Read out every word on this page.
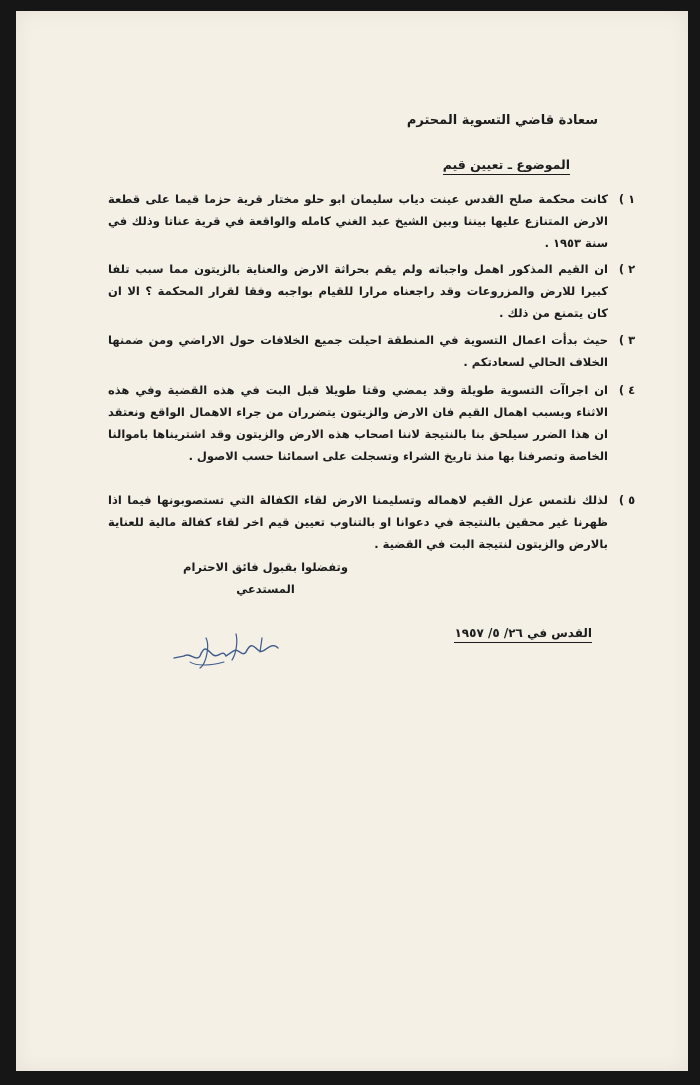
سعادة قاضي التسوية المحترم
الموضوع ـ تعيين قيم
١ )
كانت محكمة صلح القدس عينت دياب سليمان ابو حلو مختار قرية حزما قيما على قطعة الارض المتنازع عليها بيننا وبين الشيخ عبد الغني كامله والواقعة في قرية عناتا وذلك في سنة ١٩٥٣ .
٢ )
ان القيم المذكور اهمل واجباته ولم يقم بحراثة الارض والعناية بالزيتون مما سبب تلفا كبيرا للارض والمزروعات وقد راجعناه مرارا للقيام بواجبه وفقا لقرار المحكمة ؟ الا ان كان يتمنع من ذلك .
٣ )
حيث بدأت اعمال التسوية في المنطقة احيلت جميع الخلافات حول الاراضي ومن ضمنها الخلاف الحالي لسعادتكم .
٤ )
ان اجراآت التسوية طويلة وقد يمضي وقتا طويلا قبل البت في هذه القضية وفي هذه الاثناء وبسبب اهمال القيم فان الارض والزيتون يتضرران من جراء الاهمال الواقع ونعتقد ان هذا الضرر سيلحق بنا بالنتيجة لاننا اصحاب هذه الارض والزيتون وقد اشتريناها باموالنا الخاصة وتصرفنا بها منذ تاريخ الشراء وتسجلت على اسمائنا حسب الاصول .
٥ )
لذلك نلتمس عزل القيم لاهماله وتسليمنا الارض لقاء الكفالة التي تستصوبونها فيما اذا ظهرنا غير محقين بالنتيجة في دعوانا او بالتناوب تعيين قيم اخر لقاء كفالة مالية للعناية بالارض والزيتون لنتيجة البت في القضية .
وتفضلوا بقبول فائق الاحترام
المستدعي
القدس في ٢٦/ ٥/ ١٩٥٧
